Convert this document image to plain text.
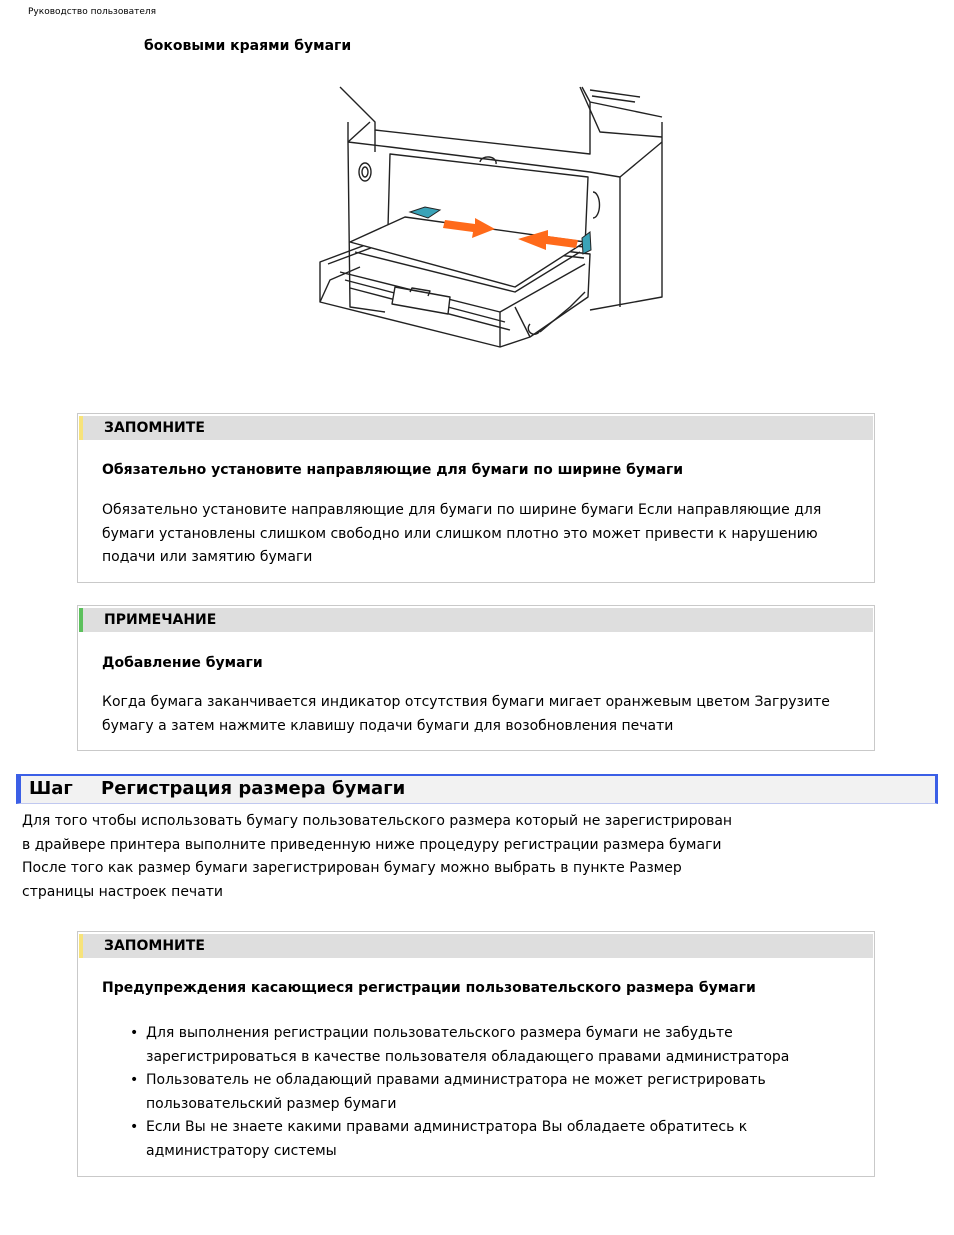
Руководство пользователя
боковыми краями бумаги
ЗАПОМНИТЕ
Обязательно установите направляющие для бумаги по ширине бумаги
Обязательно установите направляющие для бумаги по ширине бумаги Если направляющие для бумаги установлены слишком свободно или слишком плотно это может привести к нарушению подачи или замятию бумаги
ПРИМЕЧАНИЕ
Добавление бумаги
Когда бумага заканчивается индикатор отсутствия бумаги мигает оранжевым цветом Загрузите бумагу а затем нажмите клавишу подачи бумаги для возобновления печати
Шаг Регистрация размера бумаги
Для того чтобы использовать бумагу пользовательского размера который не зарегистрирован в драйвере принтера выполните приведенную ниже процедуру регистрации размера бумаги
После того как размер бумаги зарегистрирован бумагу можно выбрать в пункте Размер страницы настроек печати
ЗАПОМНИТЕ
Предупреждения касающиеся регистрации пользовательского размера бумаги
• Для выполнения регистрации пользовательского размера бумаги не забудьте зарегистрироваться в качестве пользователя обладающего правами администратора
• Пользователь не обладающий правами администратора не может регистрировать пользовательский размер бумаги
• Если Вы не знаете какими правами администратора Вы обладаете обратитесь к администратору системы
